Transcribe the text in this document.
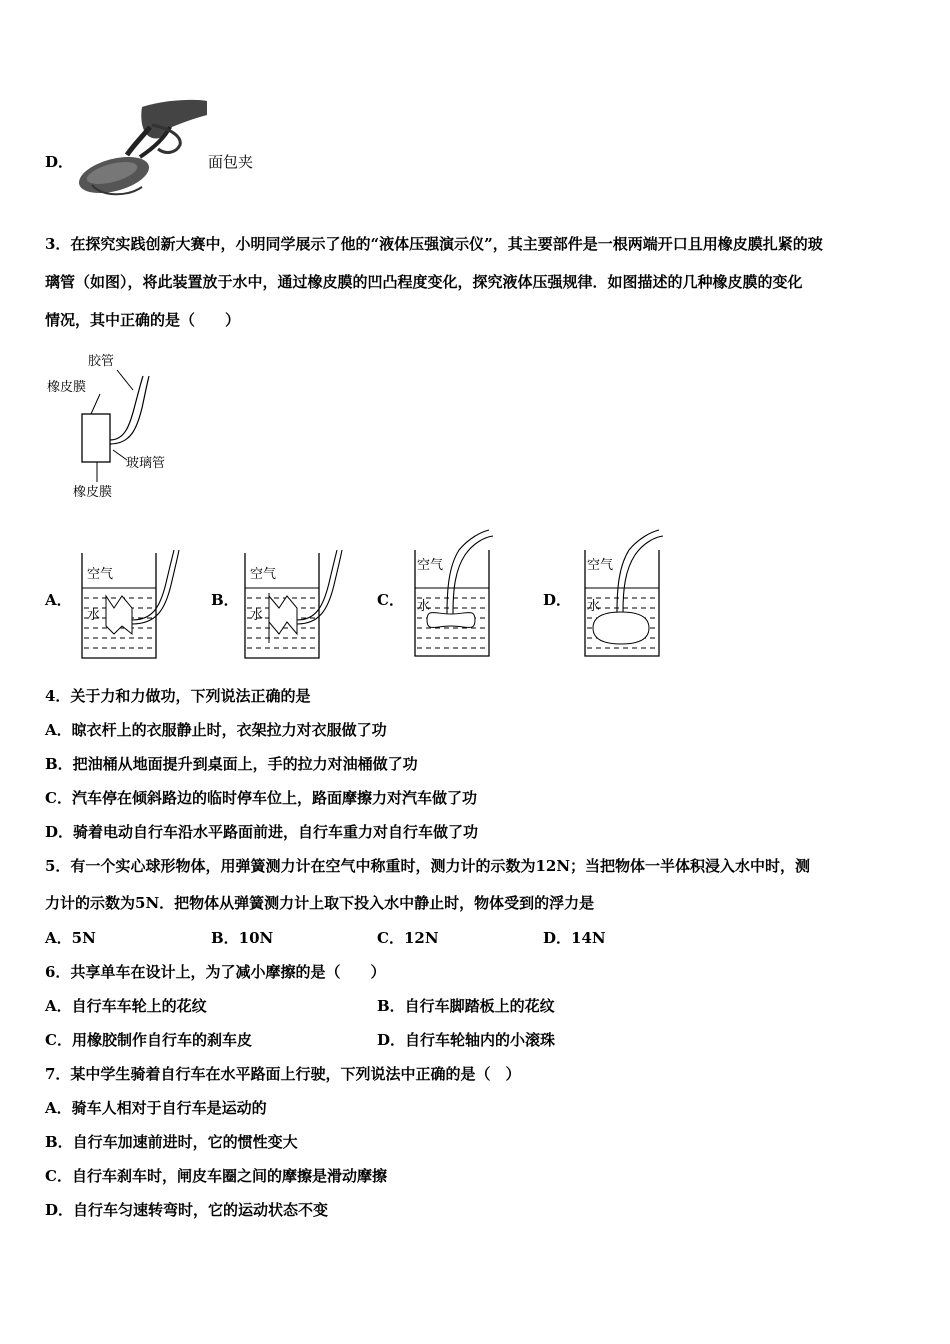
D．	面包夹
3．在探究实践创新大赛中，小明同学展示了他的“液体压强演示仪”，其主要部件是一根两端开口且用橡皮膜扎紧的玻
璃管（如图），将此装置放于水中，通过橡皮膜的凹凸程度变化，探究液体压强规律．如图描述的几种橡皮膜的变化
情况，其中正确的是（　　）
胶管
橡皮膜
玻璃管
橡皮膜
A．	B．	C．	D．
空气
水
空气
水
空气
水
空气
水
4．关于力和力做功，下列说法正确的是
A．晾衣杆上的衣服静止时，衣架拉力对衣服做了功
B．把油桶从地面提升到桌面上，手的拉力对油桶做了功
C．汽车停在倾斜路边的临时停车位上，路面摩擦力对汽车做了功
D．骑着电动自行车沿水平路面前进，自行车重力对自行车做了功
5．有一个实心球形物体，用弹簧测力计在空气中称重时，测力计的示数为12N；当把物体一半体积浸入水中时，测
力计的示数为5N．把物体从弹簧测力计上取下投入水中静止时，物体受到的浮力是
A．5N	B．10N	C．12N	D．14N
6．共享单车在设计上，为了减小摩擦的是（　　）
A．自行车车轮上的花纹	B．自行车脚踏板上的花纹
C．用橡胶制作自行车的刹车皮	D．自行车轮轴内的小滚珠
7．某中学生骑着自行车在水平路面上行驶，下列说法中正确的是（　）
A．骑车人相对于自行车是运动的
B．自行车加速前进时，它的惯性变大
C．自行车刹车时，闸皮车圈之间的摩擦是滑动摩擦
D．自行车匀速转弯时，它的运动状态不变
